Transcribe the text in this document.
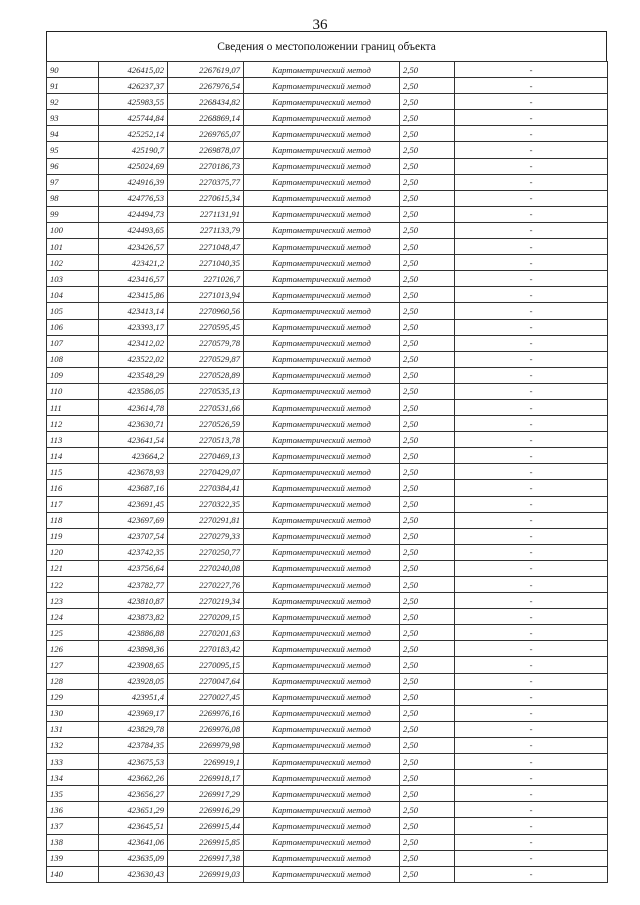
36
Сведения о местоположении границ объекта
90	426415,02	2267619,07	Картометрический метод	2,50	-
91	426237,37	2267976,54	Картометрический метод	2,50	-
92	425983,55	2268434,82	Картометрический метод	2,50	-
93	425744,84	2268869,14	Картометрический метод	2,50	-
94	425252,14	2269765,07	Картометрический метод	2,50	-
95	425190,7	2269878,07	Картометрический метод	2,50	-
96	425024,69	2270186,73	Картометрический метод	2,50	-
97	424916,39	2270375,77	Картометрический метод	2,50	-
98	424776,53	2270615,34	Картометрический метод	2,50	-
99	424494,73	2271131,91	Картометрический метод	2,50	-
100	424493,65	2271133,79	Картометрический метод	2,50	-
101	423426,57	2271048,47	Картометрический метод	2,50	-
102	423421,2	2271040,35	Картометрический метод	2,50	-
103	423416,57	2271026,7	Картометрический метод	2,50	-
104	423415,86	2271013,94	Картометрический метод	2,50	-
105	423413,14	2270960,56	Картометрический метод	2,50	-
106	423393,17	2270595,45	Картометрический метод	2,50	-
107	423412,02	2270579,78	Картометрический метод	2,50	-
108	423522,02	2270529,87	Картометрический метод	2,50	-
109	423548,29	2270528,89	Картометрический метод	2,50	-
110	423586,05	2270535,13	Картометрический метод	2,50	-
111	423614,78	2270531,66	Картометрический метод	2,50	-
112	423630,71	2270526,59	Картометрический метод	2,50	-
113	423641,54	2270513,78	Картометрический метод	2,50	-
114	423664,2	2270469,13	Картометрический метод	2,50	-
115	423678,93	2270429,07	Картометрический метод	2,50	-
116	423687,16	2270384,41	Картометрический метод	2,50	-
117	423691,45	2270322,35	Картометрический метод	2,50	-
118	423697,69	2270291,81	Картометрический метод	2,50	-
119	423707,54	2270279,33	Картометрический метод	2,50	-
120	423742,35	2270250,77	Картометрический метод	2,50	-
121	423756,64	2270240,08	Картометрический метод	2,50	-
122	423782,77	2270227,76	Картометрический метод	2,50	-
123	423810,87	2270219,34	Картометрический метод	2,50	-
124	423873,82	2270209,15	Картометрический метод	2,50	-
125	423886,88	2270201,63	Картометрический метод	2,50	-
126	423898,36	2270183,42	Картометрический метод	2,50	-
127	423908,65	2270095,15	Картометрический метод	2,50	-
128	423928,05	2270047,64	Картометрический метод	2,50	-
129	423951,4	2270027,45	Картометрический метод	2,50	-
130	423969,17	2269976,16	Картометрический метод	2,50	-
131	423829,78	2269976,08	Картометрический метод	2,50	-
132	423784,35	2269979,98	Картометрический метод	2,50	-
133	423675,53	2269919,1	Картометрический метод	2,50	-
134	423662,26	2269918,17	Картометрический метод	2,50	-
135	423656,27	2269917,29	Картометрический метод	2,50	-
136	423651,29	2269916,29	Картометрический метод	2,50	-
137	423645,51	2269915,44	Картометрический метод	2,50	-
138	423641,06	2269915,85	Картометрический метод	2,50	-
139	423635,09	2269917,38	Картометрический метод	2,50	-
140	423630,43	2269919,03	Картометрический метод	2,50	-
